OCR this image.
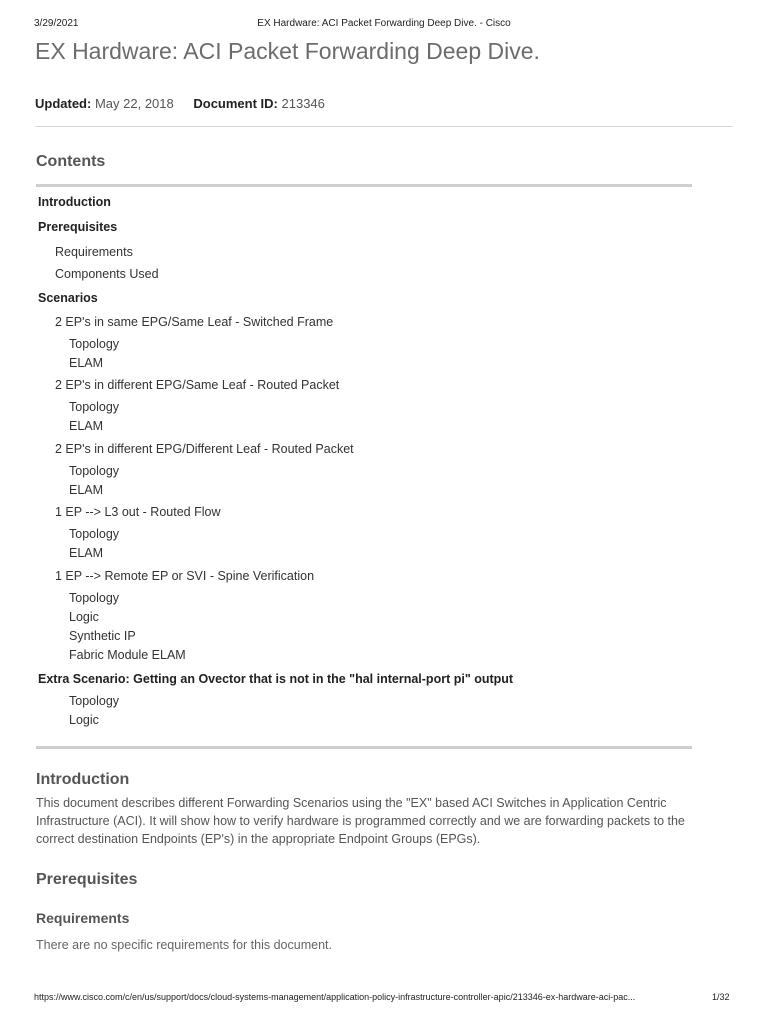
3/29/2021	EX Hardware: ACI Packet Forwarding Deep Dive. - Cisco
EX Hardware: ACI Packet Forwarding Deep Dive.
Updated: May 22, 2018 Document ID: 213346
Contents
Introduction
Prerequisites
Requirements
Components Used
Scenarios
2 EP's in same EPG/Same Leaf - Switched Frame
Topology
ELAM
2 EP's in different EPG/Same Leaf - Routed Packet
Topology
ELAM
2 EP's in different EPG/Different Leaf - Routed Packet
Topology
ELAM
1 EP --> L3 out - Routed Flow
Topology
ELAM
1 EP --> Remote EP or SVI - Spine Verification
Topology
Logic
Synthetic IP
Fabric Module ELAM
Extra Scenario: Getting an Ovector that is not in the "hal internal-port pi" output
Topology
Logic
Introduction

This document describes different Forwarding Scenarios using the "EX" based ACI Switches in Application Centric Infrastructure (ACI). It will show how to verify hardware is programmed correctly and we are forwarding packets to the correct destination Endpoints (EP's) in the appropriate Endpoint Groups (EPGs).

Prerequisites
Requirements

There are no specific requirements for this document.

https://www.cisco.com/c/en/us/support/docs/cloud-systems-management/application-policy-infrastructure-controller-apic/213346-ex-hardware-aci-pac...	1/32
